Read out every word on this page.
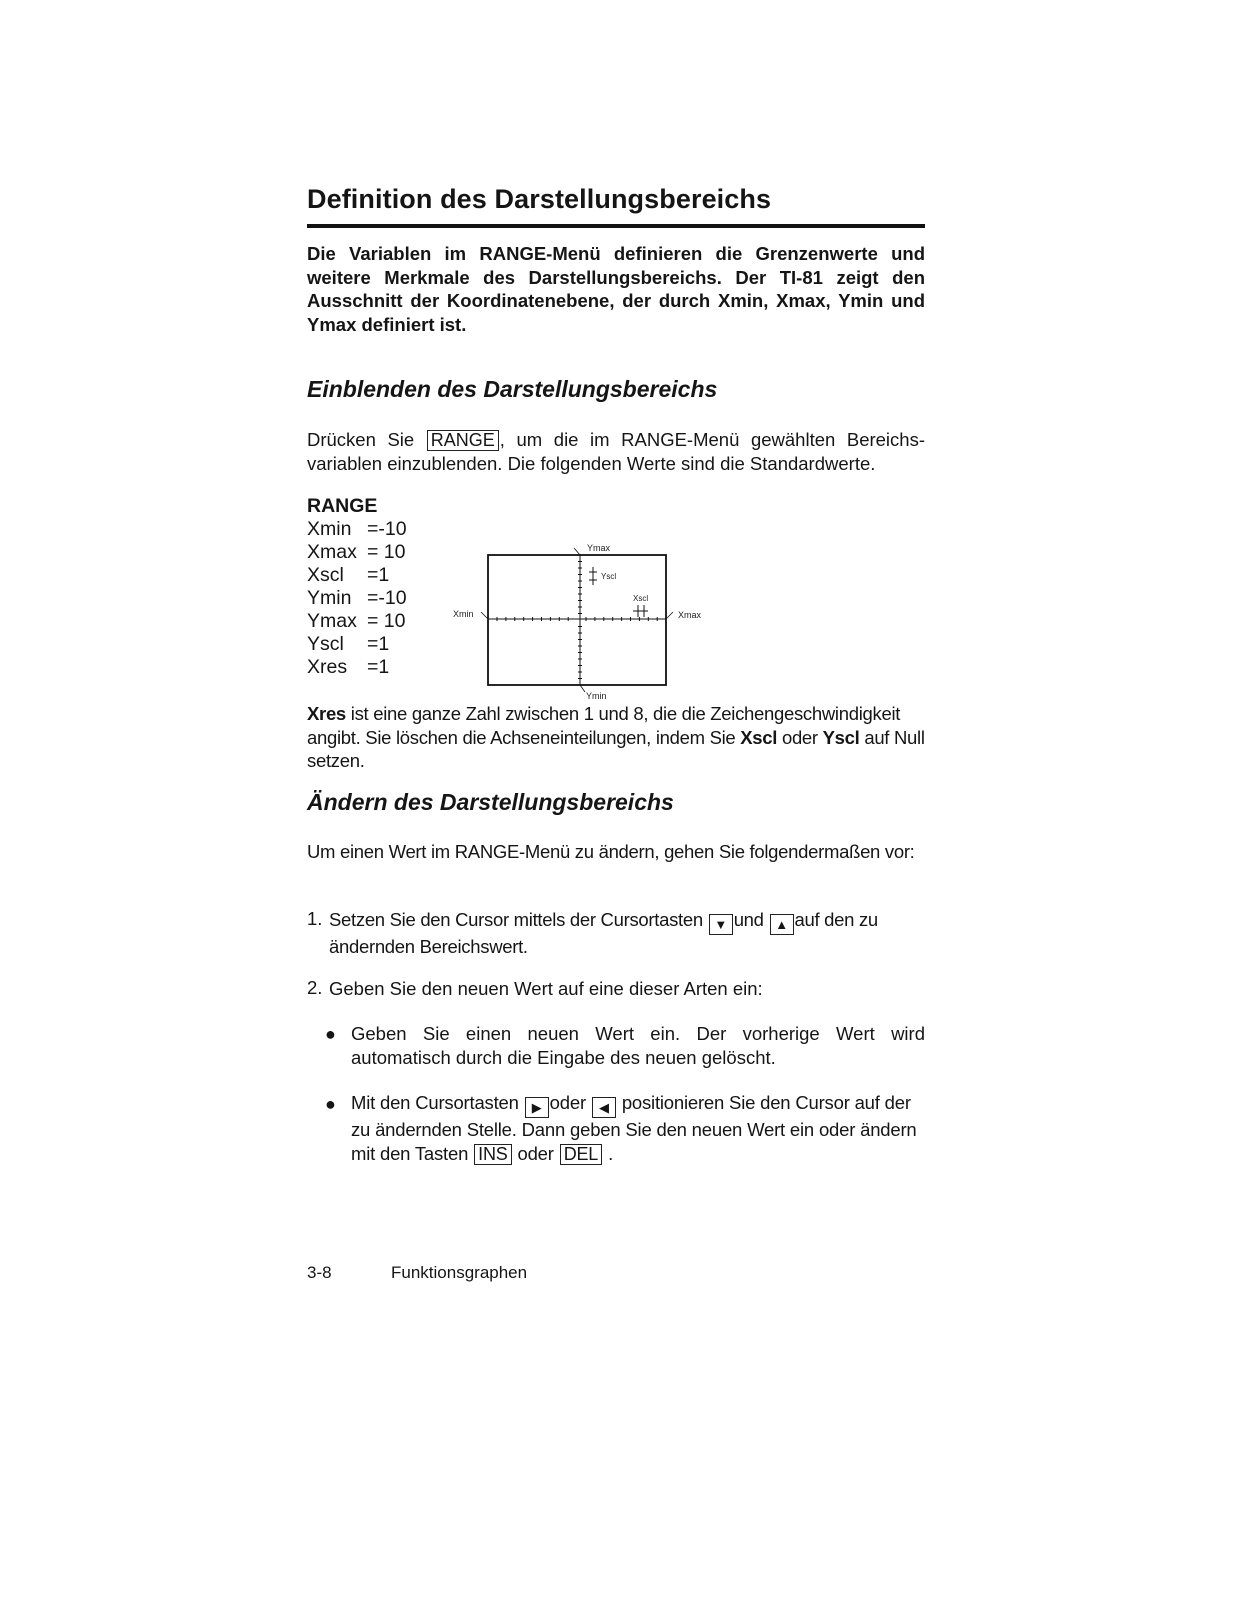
Definition des Darstellungsbereichs

Die Variablen im RANGE-Menü definieren die Grenzenwerte und weitere Merkmale des Darstellungsbereichs. Der TI-81 zeigt den Ausschnitt der Koordinatenebene, der durch Xmin, Xmax, Ymin und Ymax definiert ist.

Einblenden des Darstellungsbereichs

Drücken Sie RANGE , um die im RANGE-Menü gewählten Bereichs-variablen einzublenden. Die folgenden Werte sind die Standardwerte.

RANGE

Xmin =-10
Xmax = 10
Xscl	=1
Ymin =-10
Ymax = 10
Yscl	=1
Xres	=1
Yscl
Xscl
Ymax
Xmin	Xmax
Ymin

Xres ist eine ganze Zahl zwischen 1 und 8, die die Zeichengeschwindigkeit angibt. Sie löschen die Achseneinteilungen, indem Sie Xscl oder Yscl auf Null setzen.

Ändern des Darstellungsbereichs

Um einen Wert im RANGE-Menü zu ändern, gehen Sie folgendermaßen vor:

1. Setzen Sie den Cursor mittels der Cursortasten ▼ und ▲ auf den zu ändernden Bereichswert.

2. Geben Sie den neuen Wert auf eine dieser Arten ein:

● Geben Sie einen neuen Wert ein. Der vorherige Wert wird automatisch durch die Eingabe des neuen gelöscht.

● Mit den Cursortasten ▶ oder ◀ positionieren Sie den Cursor auf der zu ändernden Stelle. Dann geben Sie den neuen Wert ein oder ändern mit den Tasten INS oder DEL .

3-8	Funktionsgraphen
